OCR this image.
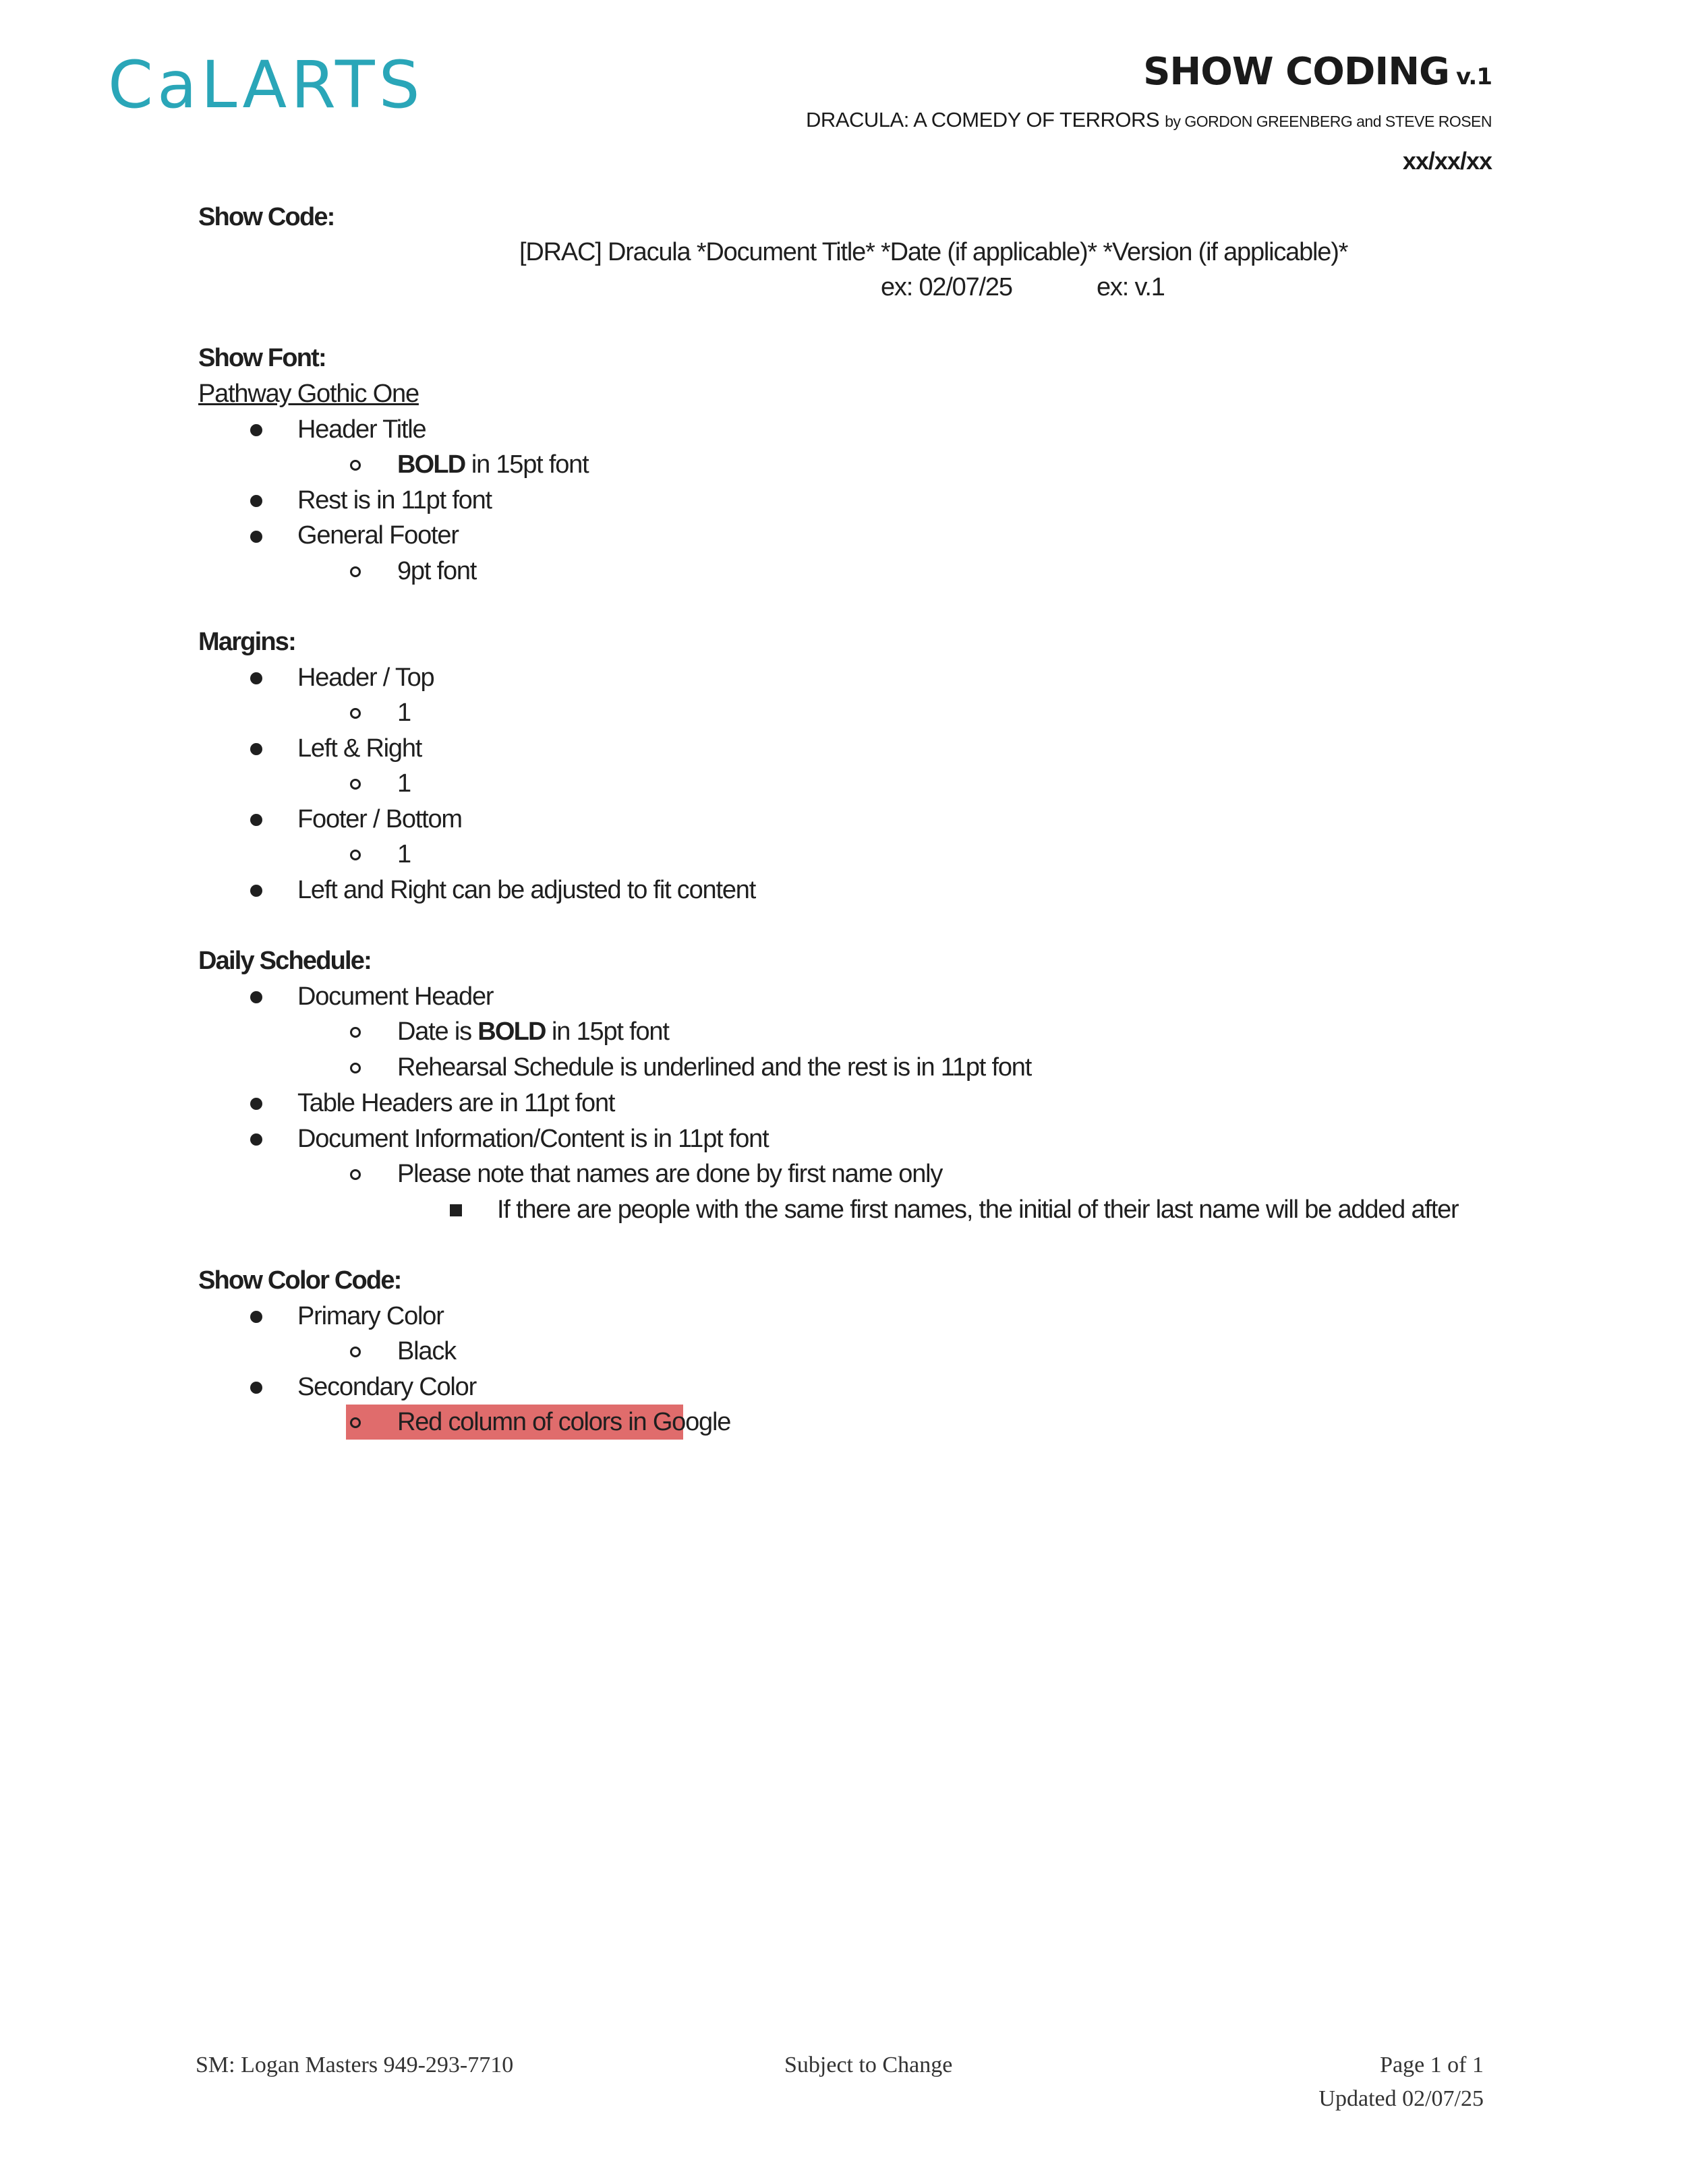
CaLARTS	SHOW CODING v.1
DRACULA: A COMEDY OF TERRORS by GORDON GREENBERG and STEVE ROSEN
xx/xx/xx
Show Code:
[DRAC] Dracula *Document Title* *Date (if applicable)* *Version (if applicable)*
ex: 02/07/25	ex: v.1
Show Font:
Pathway Gothic One
Header Title
BOLD in 15pt font
Rest is in 11pt font
General Footer
9pt font
Margins:
Header / Top
1
Left & Right
1
Footer / Bottom
1
Left and Right can be adjusted to fit content
Daily Schedule:
Document Header
Date is BOLD in 15pt font
Rehearsal Schedule is underlined and the rest is in 11pt font
Table Headers are in 11pt font
Document Information/Content is in 11pt font
Please note that names are done by first name only
If there are people with the same first names, the initial of their last name will be added after
Show Color Code:
Primary Color
Black
Secondary Color
Red column of colors in Google
SM: Logan Masters 949-293-7710	Subject to Change	Page 1 of 1
Updated 02/07/25
